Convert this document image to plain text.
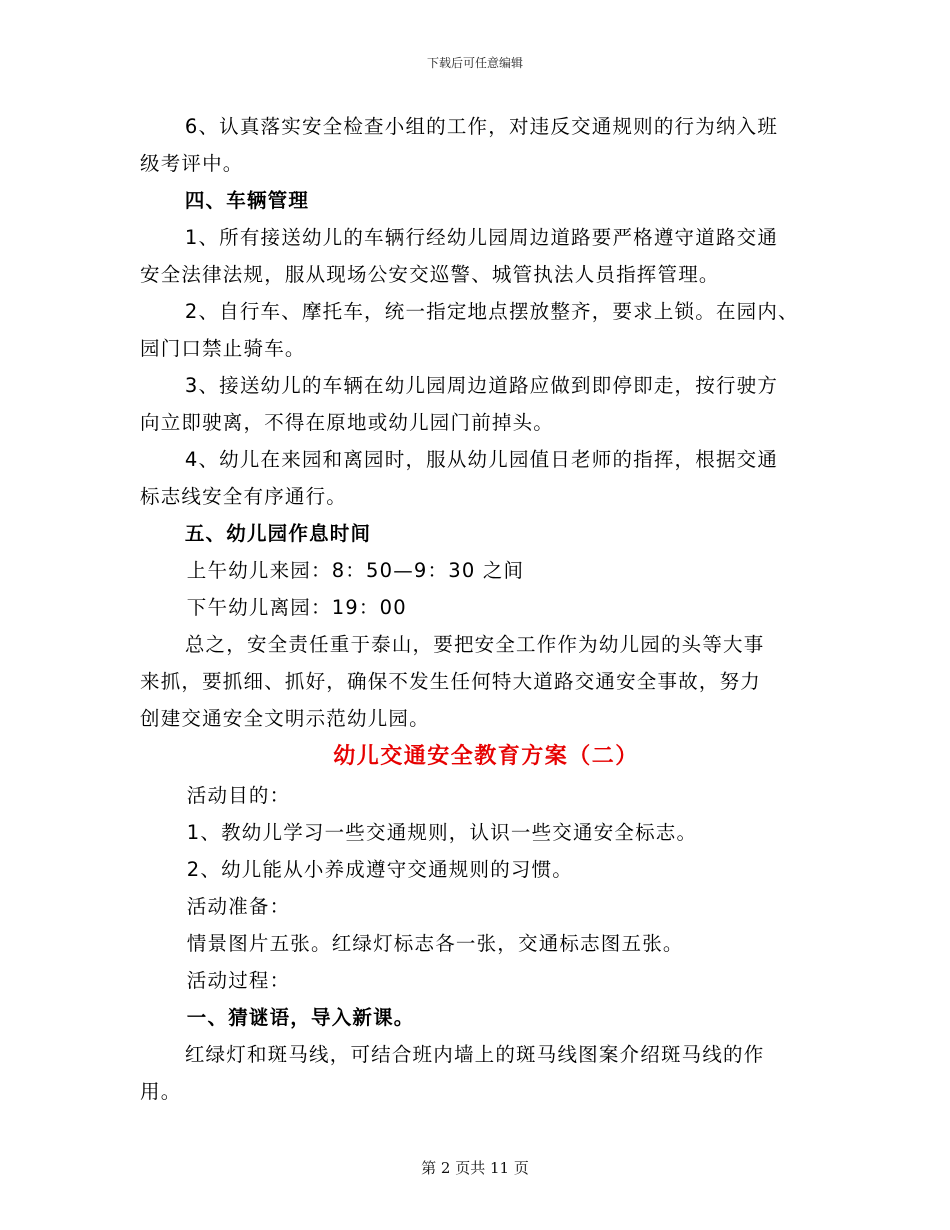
下载后可任意编辑
6、认真落实安全检查小组的工作，对违反交通规则的行为纳入班
级考评中。
四、车辆管理
1、所有接送幼儿的车辆行经幼儿园周边道路要严格遵守道路交通
安全法律法规，服从现场公安交巡警、城管执法人员指挥管理。
2、自行车、摩托车，统一指定地点摆放整齐，要求上锁。在园内、
园门口禁止骑车。
3、接送幼儿的车辆在幼儿园周边道路应做到即停即走，按行驶方
向立即驶离，不得在原地或幼儿园门前掉头。
4、幼儿在来园和离园时，服从幼儿园值日老师的指挥，根据交通
标志线安全有序通行。
五、幼儿园作息时间
上午幼儿来园：8：50—9：30 之间
下午幼儿离园：19：00
总之，安全责任重于泰山，要把安全工作作为幼儿园的头等大事
来抓，要抓细、抓好，确保不发生任何特大道路交通安全事故，努力
创建交通安全文明示范幼儿园。
幼儿交通安全教育方案（二）
活动目的：
1、教幼儿学习一些交通规则，认识一些交通安全标志。
2、幼儿能从小养成遵守交通规则的习惯。
活动准备：
情景图片五张。红绿灯标志各一张，交通标志图五张。
活动过程：
一、猜谜语，导入新课。
红绿灯和斑马线，可结合班内墙上的斑马线图案介绍斑马线的作
用。
第 2 页共 11 页
